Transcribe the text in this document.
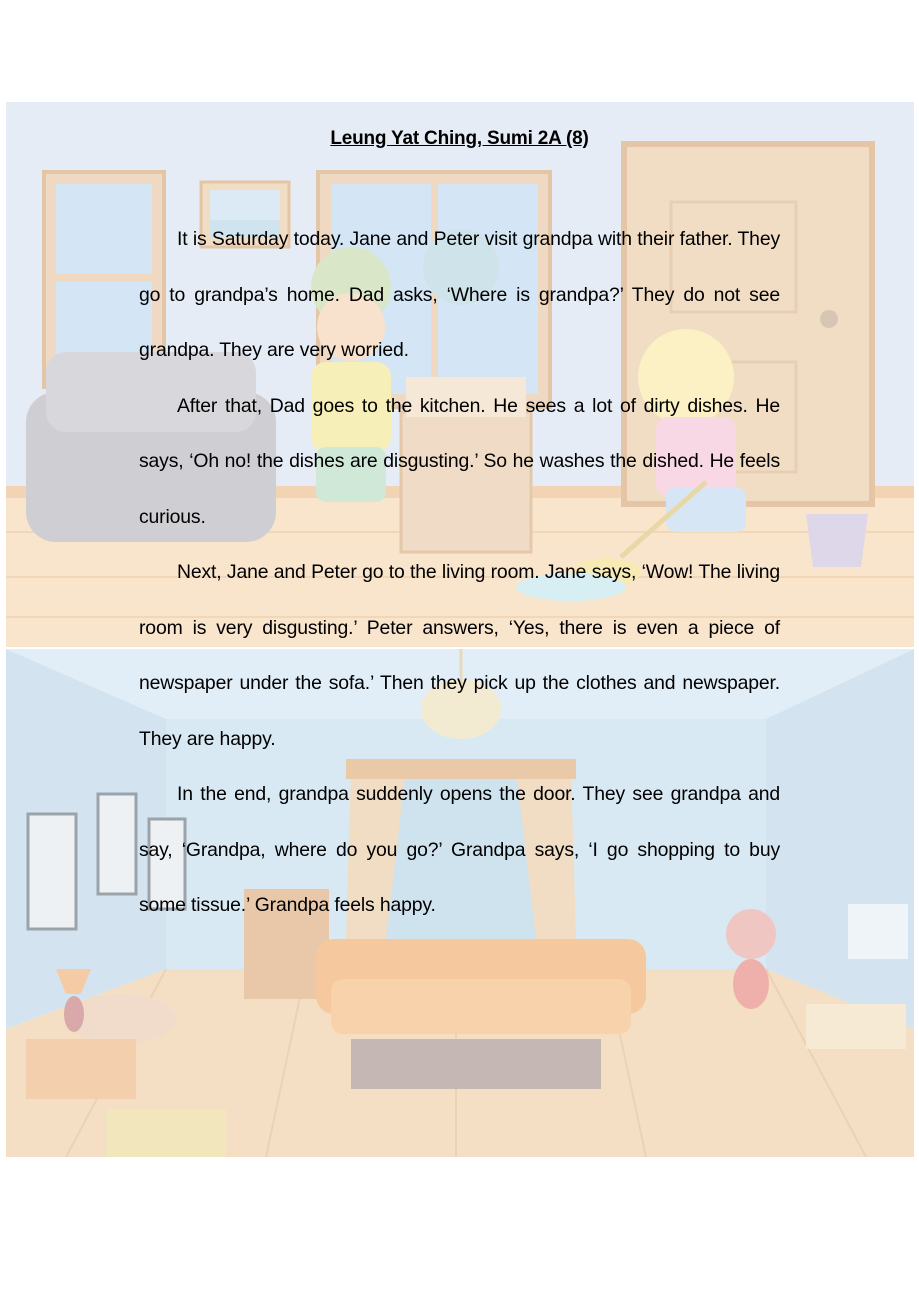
Leung Yat Ching, Sumi 2A (8)

It is Saturday today. Jane and Peter visit grandpa with their father. They go to grandpa’s home. Dad asks, ‘Where is grandpa?’ They do not see grandpa. They are very worried.

After that, Dad goes to the kitchen. He sees a lot of dirty dishes. He says, ‘Oh no! the dishes are disgusting.’ So he washes the dished. He feels curious.

Next, Jane and Peter go to the living room. Jane says, ‘Wow! The living room is very disgusting.’ Peter answers, ‘Yes, there is even a piece of newspaper under the sofa.’ Then they pick up the clothes and newspaper. They are happy.

In the end, grandpa suddenly opens the door. They see grandpa and say, ‘Grandpa, where do you go?’ Grandpa says, ‘I go shopping to buy some tissue.’ Grandpa feels happy.
